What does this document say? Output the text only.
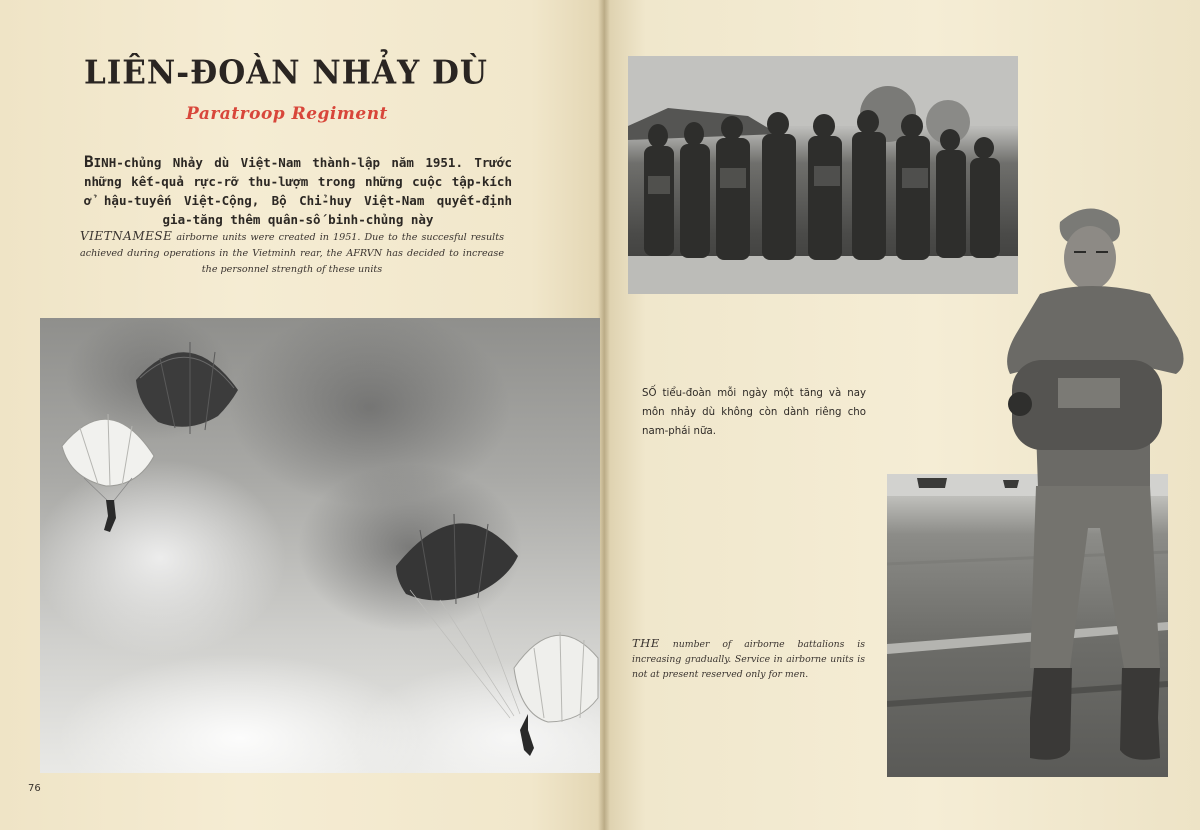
LIÊN-ĐOÀN NHẢY DÙ
Paratroop Regiment

BINH-chủng Nhảy dù Việt-Nam thành-lập năm 1951. Trước những kết-quả rực-rỡ thu-lượm trong những cuộc tập-kích ở hậu-tuyến Việt-Cộng, Bộ Chỉ-huy Việt-Nam quyết-định gia-tăng thêm quân-số binh-chủng này

VIETNAMESE airborne units were created in 1951. Due to the succesful results achieved during operations in the Vietminh rear, the AFRVN has decided to increase the personnel strength of these units

76

SỐ tiểu-đoàn mỗi ngày một tăng và nay môn nhảy dù không còn dành riêng cho nam-phái nữa.

THE number of airborne battalions is increasing gradually. Service in airborne units is not at present reserved only for men.
